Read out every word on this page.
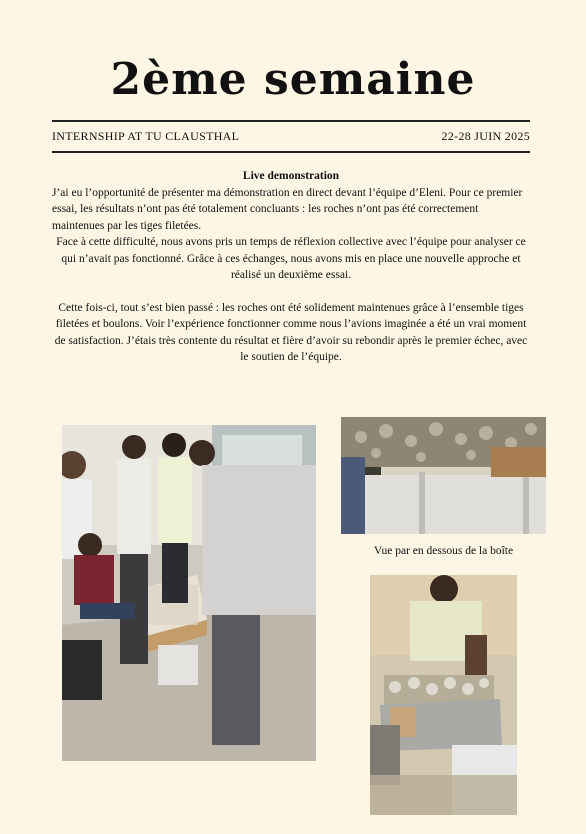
2ème semaine
INTERNSHIP AT TU CLAUSTHAL	22-28 JUIN 2025
Live demonstration

J’ai eu l’opportunité de présenter ma démonstration en direct devant l’équipe d’Eleni. Pour ce premier essai, les résultats n’ont pas été totalement concluants : les roches n’ont pas été correctement maintenues par les tiges filetées.

Face à cette difficulté, nous avons pris un temps de réflexion collective avec l’équipe pour analyser ce qui n’avait pas fonctionné. Grâce à ces échanges, nous avons mis en place une nouvelle approche et réalisé un deuxième essai.

Cette fois-ci, tout s’est bien passé : les roches ont été solidement maintenues grâce à l’ensemble tiges filetées et boulons. Voir l’expérience fonctionner comme nous l’avions imaginée a été un vrai moment de satisfaction. J’étais très contente du résultat et fière d’avoir su rebondir après le premier échec, avec le soutien de l’équipe.

Vue par en dessous de la boîte
